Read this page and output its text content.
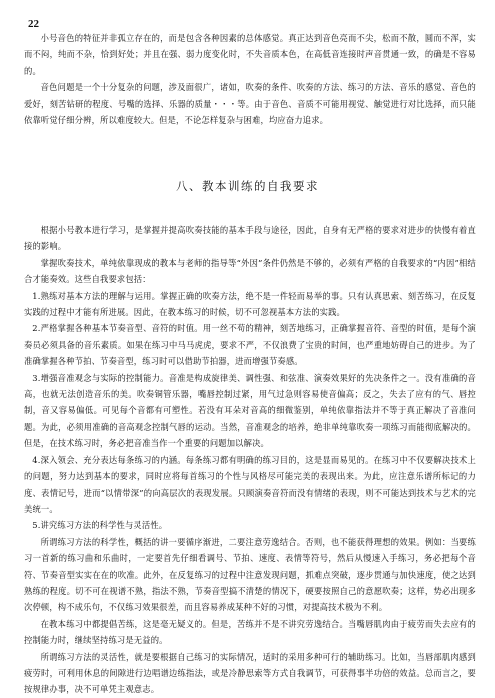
22

小号音色的特征并非孤立存在的，而是包含各种因素的总体感觉。真正达到音色亮而不尖，松而不散，圆而不浑，实而不闷，纯而不杂，恰到好处；并且在强、弱力度变化时，不失音质本色，在高低音连接时声音贯通一致，的确是不容易的。

音色问题是一个十分复杂的问题，涉及面很广，诸如，吹奏的条件、吹奏的方法、练习的方法、音乐的感觉、音色的爱好，刻苦钻研的程度、号嘴的选择、乐器的质量・・・等。由于音色、音质不可能用视觉、触觉进行对比选择，而只能依靠听觉仔细分辨，所以难度较大。但是，不论怎样复杂与困难，均应奋力追求。

八、教本训练的自我要求

根据小号教本进行学习，是掌握并提高吹奏技能的基本手段与途径，因此，自身有无严格的要求对进步的快慢有着直接的影响。

掌握吹奏技术，单纯依靠现成的教本与老师的指导等“外因”条件仍然是不够的，必须有严格的自我要求的“内因”相结合才能奏效。这些自我要求包括：

1.熟练对基本方法的理解与运用。掌握正确的吹奏方法，绝不是一件轻而易举的事。只有认真思索、刻苦练习，在反复实践的过程中才能有所进展。因此，在教本练习的时候，切不可忽视基本方法的实践。

2.严格掌握各种基本节奏音型、音符的时值。用一丝不苟的精神，刻苦地练习，正确掌握音符、音型的时值，是每个演奏员必须具备的音乐素质。如果在练习中马马虎虎，要求不严，不仅浪费了宝贵的时间，也严重地妨碍自己的进步。为了准确掌握各种节拍、节奏音型，练习时可以借助节拍器，进而增强节奏感。

3.增强音准观念与实际的控制能力。音准是构成旋律美、调性强、和弦准、演奏效果好的先决条件之一。没有准确的音高，也就无法创造音乐的美。吹奏铜管乐器，嘴唇控制过紧，用气过急则容易使音偏高；反之，失去了应有的气、唇控制，音又容易偏低。可见每个音都有可塑性。若没有耳朵对音高的细微鉴别，单纯依靠指法并不等于真正解决了音准问题。为此，必须用准确的音高观念控制气唇的运动。当然，音准观念的培养，绝非单纯靠吹奏一项练习而能彻底解决的。但是，在技术练习时，务必把音准当作一个重要的问题加以解决。

4.深入领会、充分表达每条练习的内涵。每条练习都有明确的练习目的，这是显而易见的。在练习中不仅要解决技术上的问题，努力达到基本的要求，同时应将每首练习的个性与风格尽可能完美的表现出来。为此，应注意乐谱所标记的力度、表情记号，进而“以情带深”的向高层次的表现发展。只顾演奏音符而没有情绪的表现，则不可能达到技术与艺术的完美统一。

5.讲究练习方法的科学性与灵活性。

所谓练习方法的科学性，概括的讲一要循序渐进，二要注意劳逸结合。否则，也不能获得理想的效果。例如：当要练习一首新的练习曲和乐曲时，一定要首先仔细看调号、节拍、速度、表情等符号，然后从慢速入手练习，务必把每个音符、节奏音型实实在在的吹准。此外，在反复练习的过程中注意发现问题，抓难点突破，逐步贯通与加快速度，使之达到熟练的程度。切不可在视谱不熟，指法不熟，节奏音型搞不清楚的情况下，硬要按照自己的意愿吹奏；这样，势必出现多次停顿，构不成乐句，不仅练习效果很差，而且容易养成某种不好的习惯，对提高技术极为不利。

在教本练习中都提倡苦练，这是毫无疑义的。但是，苦练并不是不讲究劳逸结合。当嘴唇肌肉由于疲劳而失去应有的控制能力时，继续坚持练习是无益的。

所谓练习方法的灵活性，就是要根据自己练习的实际情况，适时的采用多种可行的辅助练习。比如，当唇部肌肉感到疲劳时，可利用休息的间隙进行边唱谱边练指法，或是冷静思索等方式自我调节，可获得事半功倍的效益。总而言之，要按规律办事，决不可单凭主观意志。
